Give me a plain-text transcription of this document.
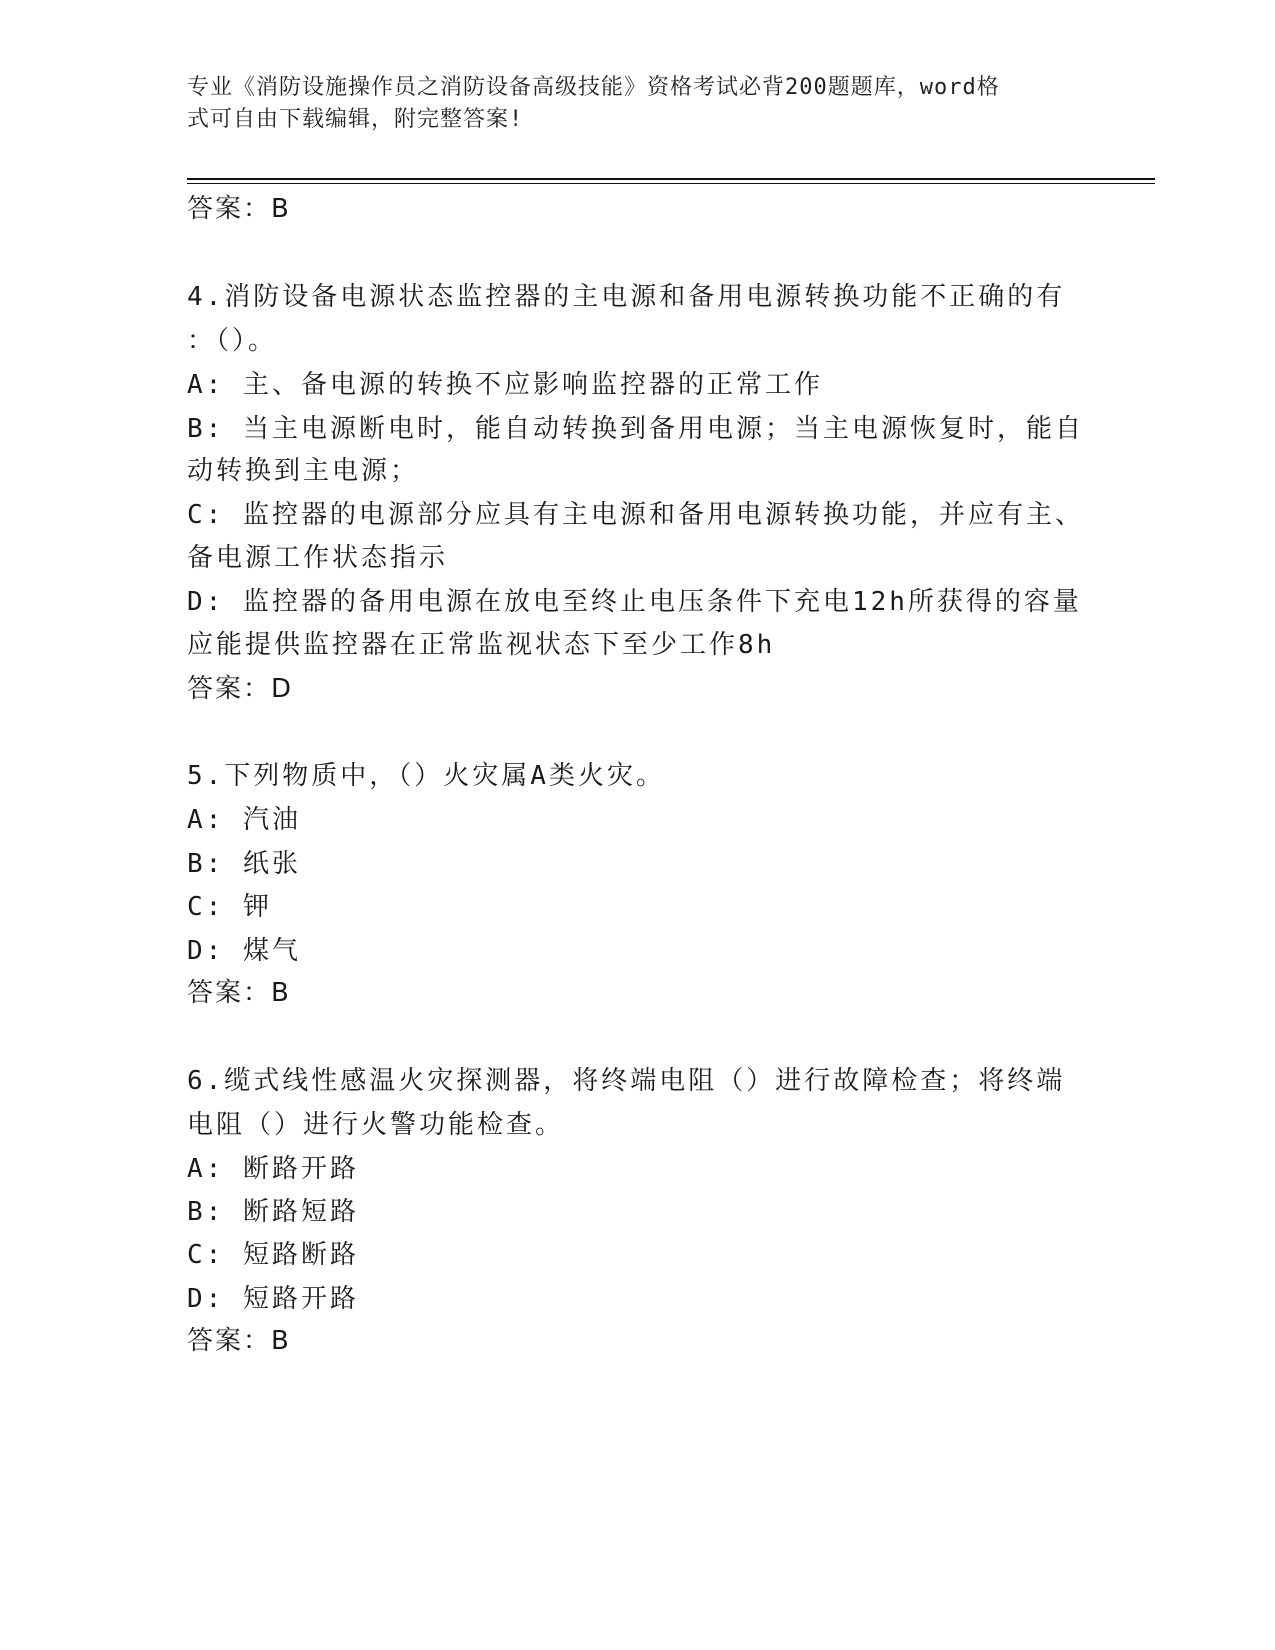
专业《消防设施操作员之消防设备高级技能》资格考试必背200题题库，word格
式可自由下载编辑，附完整答案!
答案：B
4.消防设备电源状态监控器的主电源和备用电源转换功能不正确的有
：（）。
A: 主、备电源的转换不应影响监控器的正常工作
B: 当主电源断电时，能自动转换到备用电源；当主电源恢复时，能自
动转换到主电源；
C: 监控器的电源部分应具有主电源和备用电源转换功能，并应有主、
备电源工作状态指示
D: 监控器的备用电源在放电至终止电压条件下充电12h所获得的容量
应能提供监控器在正常监视状态下至少工作8h
答案：D
5.下列物质中，（）火灾属A类火灾。
A: 汽油
B: 纸张
C: 钾
D: 煤气
答案：B
6.缆式线性感温火灾探测器，将终端电阻（）进行故障检查；将终端
电阻（）进行火警功能检查。
A: 断路开路
B: 断路短路
C: 短路断路
D: 短路开路
答案：B
